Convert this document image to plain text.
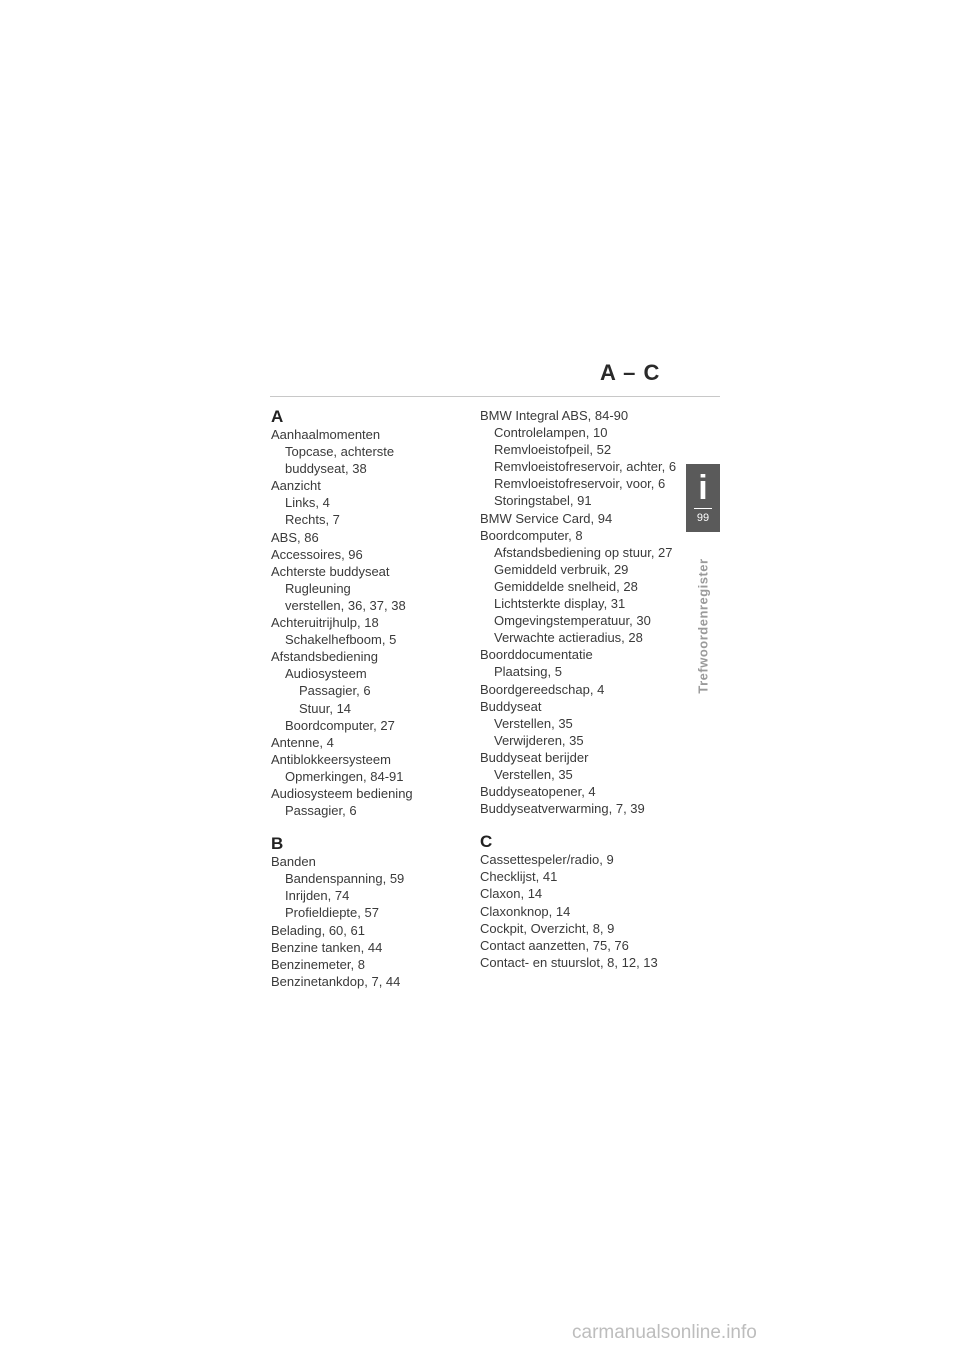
A – C
A
Aanhaalmomenten
Topcase, achterste
buddyseat, 38
Aanzicht
Links, 4
Rechts, 7
ABS, 86
Accessoires, 96
Achterste buddyseat
Rugleuning
verstellen, 36, 37, 38
Achteruitrijhulp, 18
Schakelhefboom, 5
Afstandsbediening
Audiosysteem
Passagier, 6
Stuur, 14
Boordcomputer, 27
Antenne, 4
Antiblokkeersysteem
Opmerkingen, 84-91
Audiosysteem bediening
Passagier, 6
B
Banden
Bandenspanning, 59
Inrijden, 74
Profieldiepte, 57
Belading, 60, 61
Benzine tanken, 44
Benzinemeter, 8
Benzinetankdop, 7, 44
BMW Integral ABS, 84-90
Controlelampen, 10
Remvloeistofpeil, 52
Remvloeistofreservoir, achter, 6
Remvloeistofreservoir, voor, 6
Storingstabel, 91
BMW Service Card, 94
Boordcomputer, 8
Afstandsbediening op stuur, 27
Gemiddeld verbruik, 29
Gemiddelde snelheid, 28
Lichtsterkte display, 31
Omgevingstemperatuur, 30
Verwachte actieradius, 28
Boorddocumentatie
Plaatsing, 5
Boordgereedschap, 4
Buddyseat
Verstellen, 35
Verwijderen, 35
Buddyseat berijder
Verstellen, 35
Buddyseatopener, 4
Buddyseatverwarming, 7, 39
C
Cassettespeler/radio, 9
Checklijst, 41
Claxon, 14
Claxonknop, 14
Cockpit, Overzicht, 8, 9
Contact aanzetten, 75, 76
Contact- en stuurslot, 8, 12, 13
i
99
Trefwoordenregister
carmanualsonline.info
